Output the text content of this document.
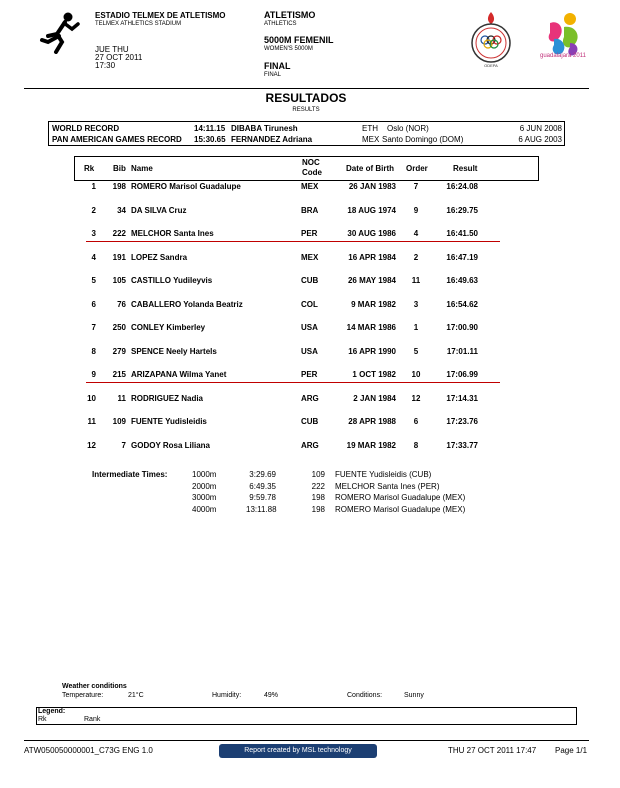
ESTADIO TELMEX DE ATLETISMO
TELMEX ATHLETICS STADIUM
JUE THU
27 OCT 2011
17:30
ATLETISMO
ATHLETICS
5000M FEMENIL
WOMEN'S 5000M
FINAL
FINAL
ODEPA
guadalajara 2011
RESULTADOS
RESULTS
WORLD RECORD	14:11.15 DIBABA Tirunesh	ETH Oslo (NOR)	6 JUN 2008
PAN AMERICAN GAMES RECORD 15:30.65 FERNANDEZ Adriana	MEX Santo Domingo (DOM)	6 AUG 2003
Rk Bib Name
NOC
Code	Date of Birth Order	Result
1	198 ROMERO Marisol Guadalupe	MEX	26 JAN 1983	7	16:24.08
2	34 DA SILVA Cruz	BRA	18 AUG 1974	9	16:29.75
3	222 MELCHOR Santa Ines	PER	30 AUG 1986	4	16:41.50
4	191 LOPEZ Sandra	MEX	16 APR 1984	2	16:47.19
5	105 CASTILLO Yudileyvis	CUB	26 MAY 1984	11	16:49.63
6	76 CABALLERO Yolanda Beatriz	COL	9 MAR 1982	3	16:54.62
7	250 CONLEY Kimberley	USA	14 MAR 1986	1	17:00.90
8	279 SPENCE Neely Hartels	USA	16 APR 1990	5	17:01.11
9	215 ARIZAPANA Wilma Yanet	PER	1 OCT 1982	10	17:06.99
10	11 RODRIGUEZ Nadia	ARG	2 JAN 1984	12	17:14.31
11	109 FUENTE Yudisleidis	CUB	28 APR 1988	6	17:23.76
12	7 GODOY Rosa Liliana	ARG	19 MAR 1982	8	17:33.77
Intermediate Times:	1000m	3:29.69	109 FUENTE Yudisleidis (CUB)
2000m	6:49.35	222 MELCHOR Santa Ines (PER)
3000m	9:59.78	198 ROMERO Marisol Guadalupe (MEX)
4000m	13:11.88	198 ROMERO Marisol Guadalupe (MEX)
Weather conditions
Temperature:	21°C	Humidity:	49%	Conditions:	Sunny
Legend:
Rk	Rank
ATW050050000001_C73G ENG 1.0	Report created by MSL technology	THU 27 OCT 2011 17:47 Page 1/1
